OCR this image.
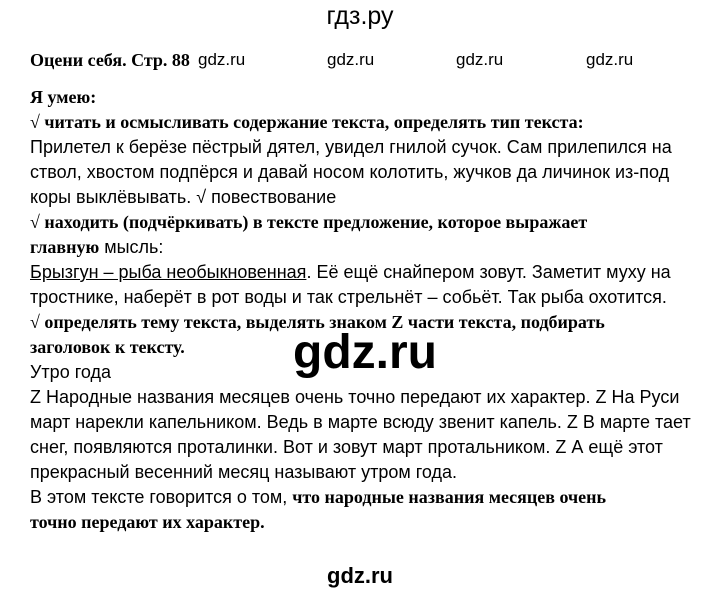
гдз.ру
Оцени себя. Стр. 88 gdz.ru	gdz.ru	gdz.ru	gdz.ru
Я умею:
√ читать и осмысливать содержание текста, определять тип текста:
Прилетел к берёзе пёстрый дятел, увидел гнилой сучок. Сам прилепился на
ствол, хвостом подпёрся и давай носом колотить, жучков да личинок из-под
коры выклёвывать. √ повествование
√ находить (подчёркивать) в тексте предложение, которое выражает
главную мысль:
Брызгун – рыба необыкновенная. Её ещё снайпером зовут. Заметит муху на
тростнике, наберёт в рот воды и так стрельнёт – собьёт. Так рыба охотится.
√ определять тему текста, выделять знаком Z части текста, подбирать
заголовок к тексту.
Утро года
Z Народные названия месяцев очень точно передают их характер. Z На Руси
март нарекли капельником. Ведь в марте всюду звенит капель. Z В марте тает
снег, появляются проталинки. Вот и зовут март протальником. Z А ещё этот
прекрасный весенний месяц называют утром года.
В этом тексте говорится о том, что народные названия месяцев очень
точно передают их характер.
gdz.ru
gdz.ru
